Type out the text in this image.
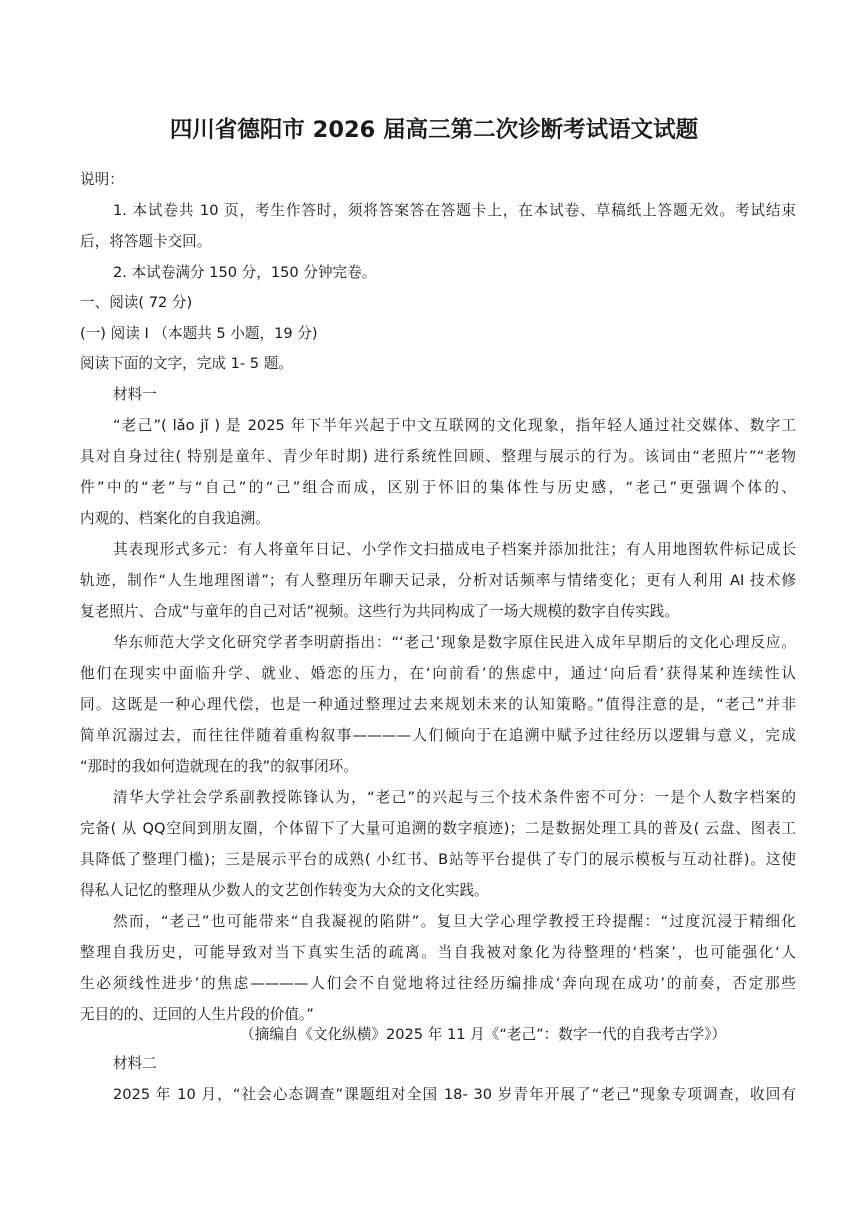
四川省德阳市 2026 届高三第二次诊断考试语文试题

说明：

1. 本试卷共 10 页，考生作答时，须将答案答在答题卡上，在本试卷、草稿纸上答题无效。考试结束

后，将答题卡交回。

2. 本试卷满分 150 分，150 分钟完卷。

一、阅读( 72 分)

(一) 阅读 I （本题共 5 小题，19 分)

阅读下面的文字，完成 1- 5 题。

材料一

“老己”( lǎo jǐ ) 是 2025 年下半年兴起于中文互联网的文化现象，指年轻人通过社交媒体、数字工

具对自身过往( 特别是童年、青少年时期) 进行系统性回顾、整理与展示的行为。该词由“老照片”“老物

件”中的“老”与“自己”的“己”组合而成，区别于怀旧的集体性与历史感，“老己”更强调个体的、

内观的、档案化的自我追溯。

其表现形式多元：有人将童年日记、小学作文扫描成电子档案并添加批注；有人用地图软件标记成长

轨迹，制作“人生地理图谱”；有人整理历年聊天记录，分析对话频率与情绪变化；更有人利用 AI 技术修

复老照片、合成“与童年的自己对话”视频。这些行为共同构成了一场大规模的数字自传实践。

华东师范大学文化研究学者李明蔚指出：“‘老己’现象是数字原住民进入成年早期后的文化心理反应。

他们在现实中面临升学、就业、婚恋的压力，在‘向前看’的焦虑中，通过‘向后看’获得某种连续性认

同。这既是一种心理代偿，也是一种通过整理过去来规划未来的认知策略。”值得注意的是，“老己”并非

简单沉溺过去，而往往伴随着重构叙事————人们倾向于在追溯中赋予过往经历以逻辑与意义，完成

“那时的我如何造就现在的我”的叙事闭环。

清华大学社会学系副教授陈锋认为，“老己”的兴起与三个技术条件密不可分：一是个人数字档案的

完备( 从 QQ空间到朋友圈，个体留下了大量可追溯的数字痕迹)；二是数据处理工具的普及( 云盘、图表工

具降低了整理门槛)；三是展示平台的成熟( 小红书、B站等平台提供了专门的展示模板与互动社群)。这使

得私人记忆的整理从少数人的文艺创作转变为大众的文化实践。

然而，“老己”也可能带来“自我凝视的陷阱”。复旦大学心理学教授王玲提醒：“过度沉浸于精细化

整理自我历史，可能导致对当下真实生活的疏离。当自我被对象化为待整理的‘档案’，也可能强化‘人

生必须线性进步’的焦虑————人们会不自觉地将过往经历编排成‘奔向现在成功’的前奏，否定那些

无目的的、迂回的人生片段的价值。”

（摘编自《文化纵横》2025 年 11 月《“老己”：数字一代的自我考古学》）

材料二

2025 年 10 月，“社会心态调查”课题组对全国 18- 30 岁青年开展了“老己”现象专项调查，收回有
